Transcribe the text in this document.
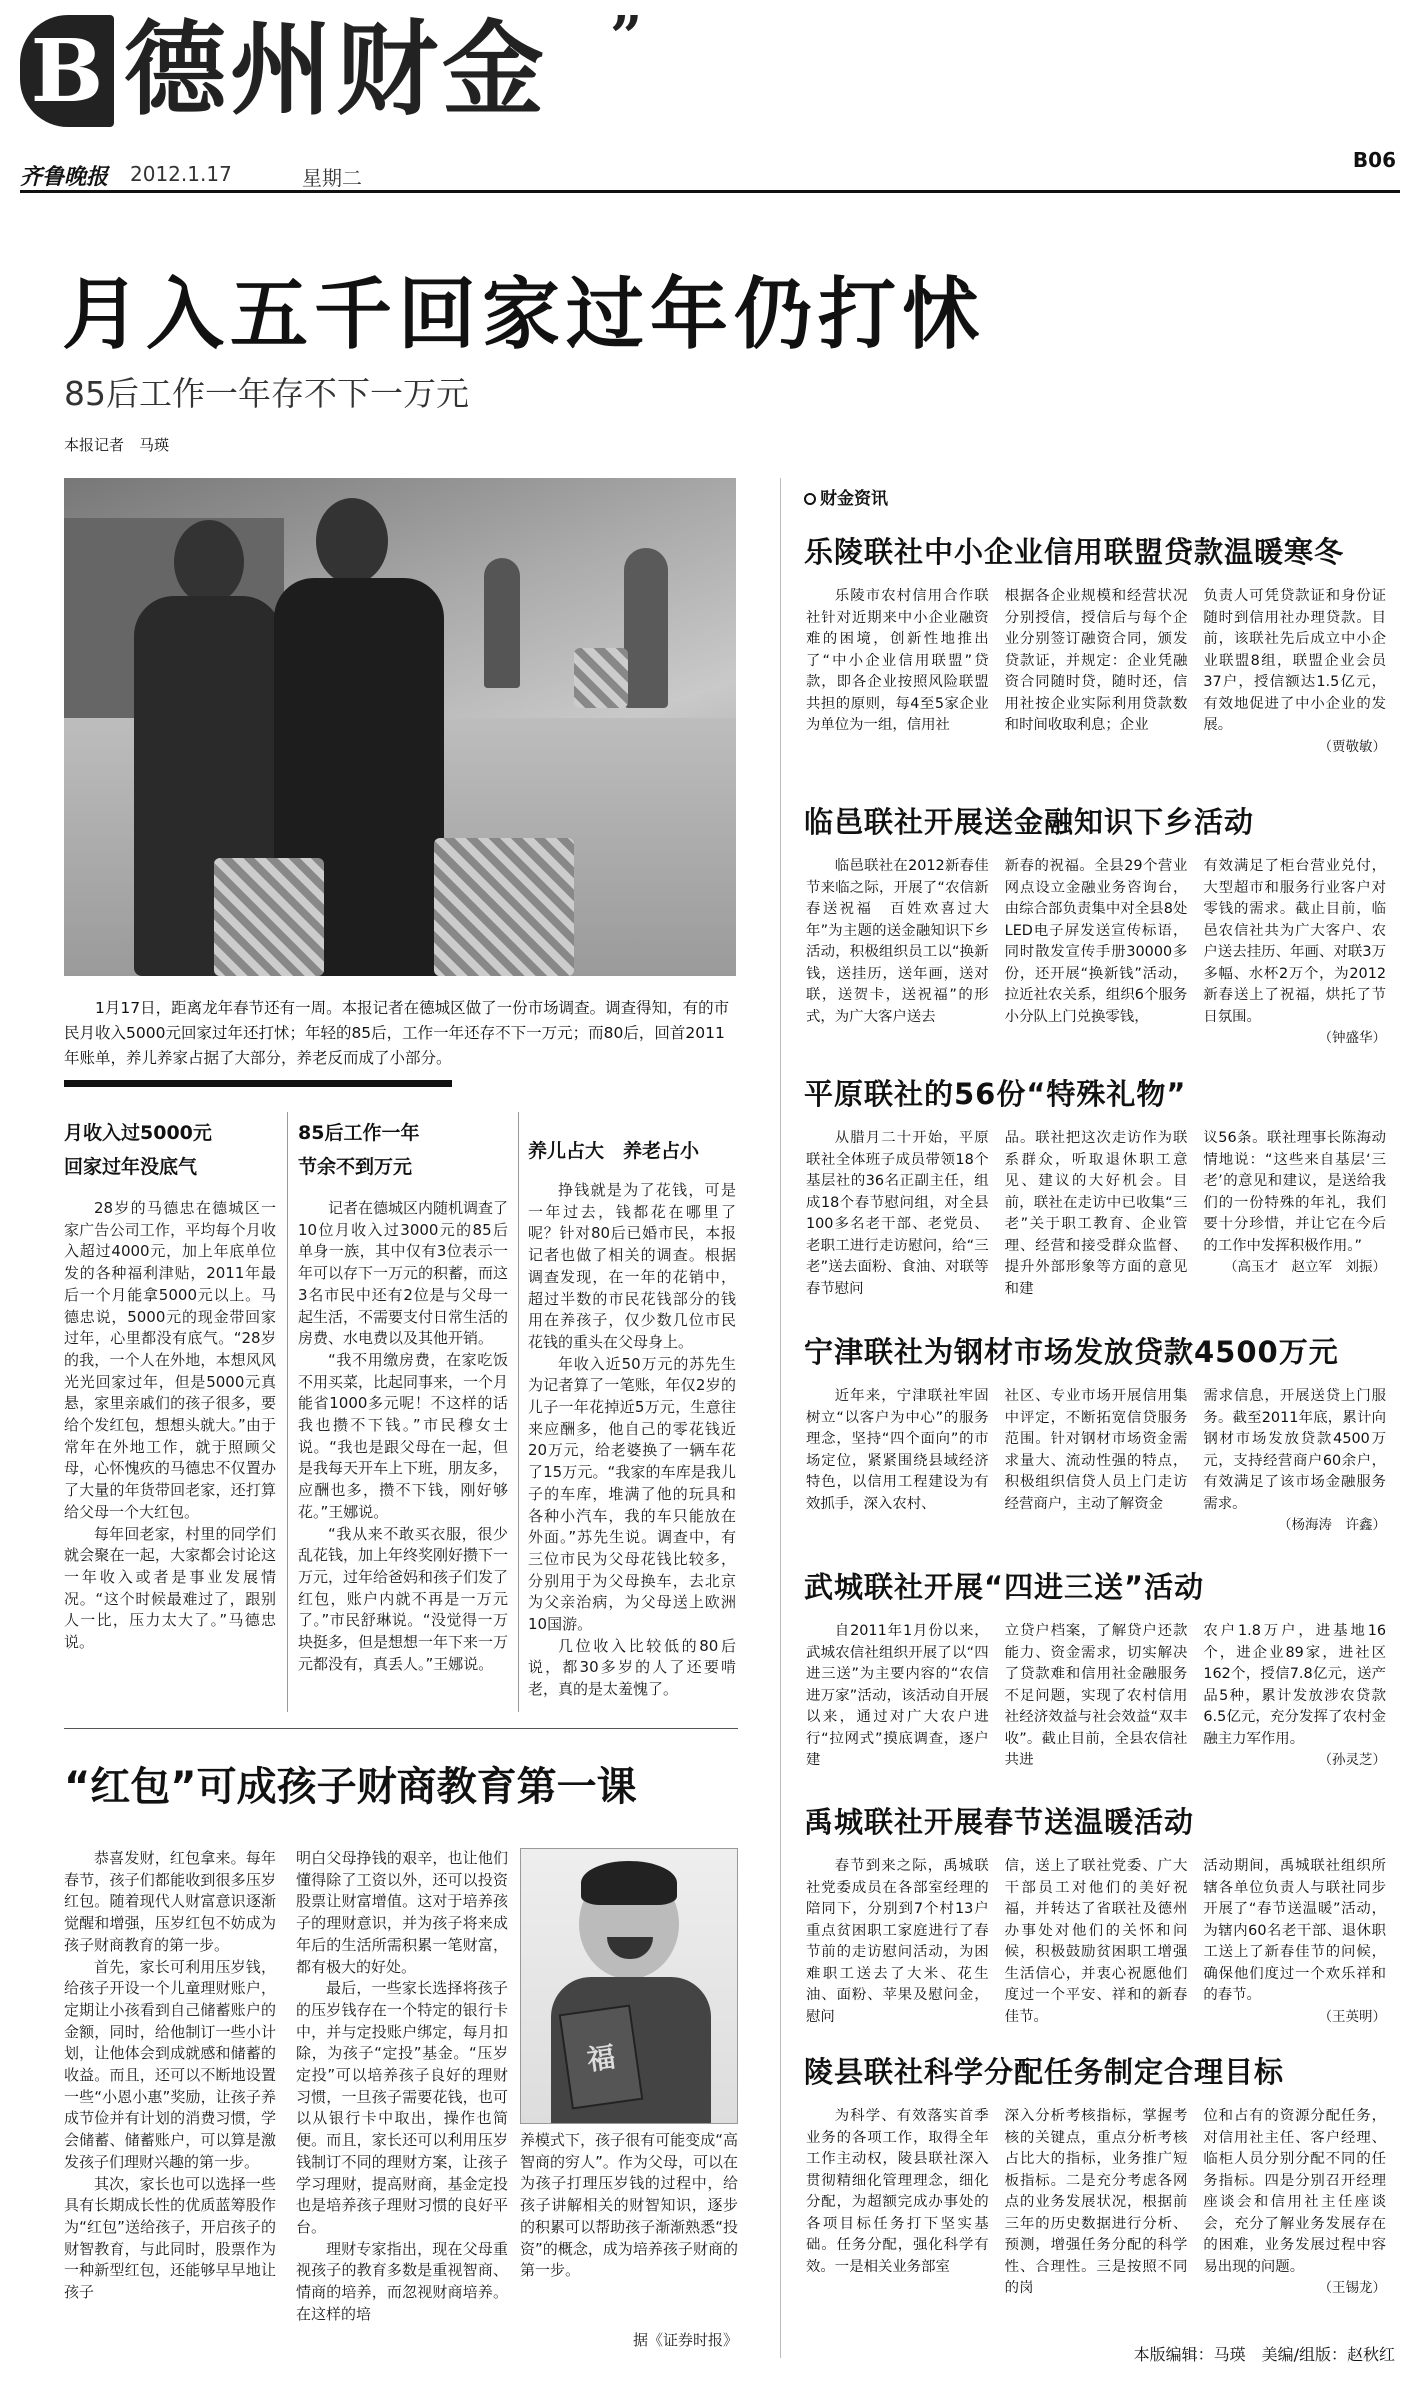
B 德州财金 ”
齐鲁晚报 2012.1.17	星期二
B06
月入五千回家过年仍打怵
85后工作一年存不下一万元
本报记者　马瑛

1月17日，距离龙年春节还有一周。本报记者在德城区做了一份市场调查。调查得知，有的市民月收入5000元回家过年还打怵；年轻的85后，工作一年还存不下一万元；而80后，回首2011年账单，养儿养家占据了大部分，养老反而成了小部分。

月收入过5000元
回家过年没底气

28岁的马德忠在德城区一家广告公司工作，平均每个月收入超过4000元，加上年底单位发的各种福利津贴，2011年最后一个月能拿5000元以上。马德忠说，5000元的现金带回家过年，心里都没有底气。“28岁的我，一个人在外地，本想风风光光回家过年，但是5000元真悬，家里亲戚们的孩子很多，要给个发红包，想想头就大。”由于常年在外地工作，就于照顾父母，心怀愧疚的马德忠不仅置办了大量的年货带回老家，还打算给父母一个大红包。

每年回老家，村里的同学们就会聚在一起，大家都会讨论这一年收入或者是事业发展情况。“这个时候最难过了，跟别人一比，压力太大了。”马德忠说。

85后工作一年
节余不到万元

记者在德城区内随机调查了10位月收入过3000元的85后单身一族，其中仅有3位表示一年可以存下一万元的积蓄，而这3名市民中还有2位是与父母一起生活，不需要支付日常生活的房费、水电费以及其他开销。

“我不用缴房费，在家吃饭不用买菜，比起同事来，一个月能省1000多元呢！不这样的话我也攒不下钱。”市民穆女士说。“我也是跟父母在一起，但是我每天开车上下班，朋友多，应酬也多，攒不下钱，刚好够花。”王娜说。

“我从来不敢买衣服，很少乱花钱，加上年终奖刚好攒下一万元，过年给爸妈和孩子们发了红包，账户内就不再是一万元了。”市民舒琳说。“没觉得一万块挺多，但是想想一年下来一万元都没有，真丢人。”王娜说。

养儿占大　养老占小

挣钱就是为了花钱，可是一年过去，钱都花在哪里了呢？针对80后已婚市民，本报记者也做了相关的调查。根据调查发现，在一年的花销中，超过半数的市民花钱部分的钱用在养孩子，仅少数几位市民花钱的重头在父母身上。

年收入近50万元的苏先生为记者算了一笔账，年仅2岁的儿子一年花掉近5万元，生意往来应酬多，他自己的零花钱近20万元，给老婆换了一辆车花了15万元。“我家的车库是我儿子的车库，堆满了他的玩具和各种小汽车，我的车只能放在外面。”苏先生说。调查中，有三位市民为父母花钱比较多，分别用于为父母换车，去北京为父亲治病，为父母送上欧洲10国游。

几位收入比较低的80后说，都30多岁的人了还要啃老，真的是太羞愧了。

“红包”可成孩子财商教育第一课

恭喜发财，红包拿来。每年春节，孩子们都能收到很多压岁红包。随着现代人财富意识逐渐觉醒和增强，压岁红包不妨成为孩子财商教育的第一步。

首先，家长可利用压岁钱，给孩子开设一个儿童理财账户，定期让小孩看到自己储蓄账户的金额，同时，给他制订一些小计划，让他体会到成就感和储蓄的收益。而且，还可以不断地设置一些“小恩小惠”奖励，让孩子养成节俭并有计划的消费习惯，学会储蓄、储蓄账户，可以算是激发孩子们理财兴趣的第一步。

其次，家长也可以选择一些具有长期成长性的优质蓝筹股作为“红包”送给孩子，开启孩子的财智教育，与此同时，股票作为一种新型红包，还能够早早地让孩子

明白父母挣钱的艰辛，也让他们懂得除了工资以外，还可以投资股票让财富增值。这对于培养孩子的理财意识，并为孩子将来成年后的生活所需积累一笔财富，都有极大的好处。

最后，一些家长选择将孩子的压岁钱存在一个特定的银行卡中，并与定投账户绑定，每月扣除，为孩子“定投”基金。“压岁定投”可以培养孩子良好的理财习惯，一旦孩子需要花钱，也可以从银行卡中取出，操作也简便。而且，家长还可以利用压岁钱制订不同的理财方案，让孩子学习理财，提高财商，基金定投也是培养孩子理财习惯的良好平台。

理财专家指出，现在父母重视孩子的教育多数是重视智商、情商的培养，而忽视财商培养。在这样的培

福

养模式下，孩子很有可能变成“高智商的穷人”。作为父母，可以在为孩子打理压岁钱的过程中，给孩子讲解相关的财智知识，逐步的积累可以帮助孩子渐渐熟悉“投资”的概念，成为培养孩子财商的第一步。

据《证券时报》
财金资讯
乐陵联社中小企业信用联盟贷款温暖寒冬

乐陵市农村信用合作联社针对近期来中小企业融资难的困境，创新性地推出了“中小企业信用联盟”贷款，即各企业按照风险联盟共担的原则，每4至5家企业为单位为一组，信用社

根据各企业规模和经营状况分别授信，授信后与每个企业分别签订融资合同，颁发贷款证，并规定：企业凭融资合同随时贷，随时还，信用社按企业实际利用贷款数和时间收取利息；企业

负责人可凭贷款证和身份证随时到信用社办理贷款。目前，该联社先后成立中小企业联盟8组，联盟企业会员37户，授信额达1.5亿元，有效地促进了中小企业的发展。

（贾敬敏）
临邑联社开展送金融知识下乡活动

临邑联社在2012新春佳节来临之际，开展了“农信新春送祝福　百姓欢喜过大年”为主题的送金融知识下乡活动，积极组织员工以“换新钱，送挂历，送年画，送对联，送贺卡，送祝福”的形式，为广大客户送去

新春的祝福。全县29个营业网点设立金融业务咨询台，由综合部负责集中对全县8处LED电子屏发送宣传标语，同时散发宣传手册30000多份，还开展“换新钱”活动，拉近社农关系，组织6个服务小分队上门兑换零钱，

有效满足了柜台营业兑付，大型超市和服务行业客户对零钱的需求。截止目前，临邑农信社共为广大客户、农户送去挂历、年画、对联3万多幅、水杯2万个，为2012新春送上了祝福，烘托了节日氛围。

（钟盛华）
平原联社的56份“特殊礼物”

从腊月二十开始，平原联社全体班子成员带领18个基层社的36名正副主任，组成18个春节慰问组，对全县100多名老干部、老党员、老职工进行走访慰问，给“三老”送去面粉、食油、对联等春节慰问

品。联社把这次走访作为联系群众，听取退休职工意见、建议的大好机会。目前，联社在走访中已收集“三老”关于职工教育、企业管理、经营和接受群众监督、提升外部形象等方面的意见和建

议56条。联社理事长陈海动情地说：“这些来自基层‘三老’的意见和建议，是送给我们的一份特殊的年礼，我们要十分珍惜，并让它在今后的工作中发挥积极作用。”

（高玉才　赵立军　刘振）
宁津联社为钢材市场发放贷款4500万元

近年来，宁津联社牢固树立“以客户为中心”的服务理念，坚持“四个面向”的市场定位，紧紧围绕县域经济特色，以信用工程建设为有效抓手，深入农村、

社区、专业市场开展信用集中评定，不断拓宽信贷服务范围。针对钢材市场资金需求量大、流动性强的特点，积极组织信贷人员上门走访经营商户，主动了解资金

需求信息，开展送贷上门服务。截至2011年底，累计向钢材市场发放贷款4500万元，支持经营商户60余户，有效满足了该市场金融服务需求。

（杨海涛　许鑫）
武城联社开展“四进三送”活动

自2011年1月份以来，武城农信社组织开展了以“四进三送”为主要内容的“农信进万家”活动，该活动自开展以来，通过对广大农户进行“拉网式”摸底调查，逐户建

立贷户档案，了解贷户还款能力、资金需求，切实解决了贷款难和信用社金融服务不足问题，实现了农村信用社经济效益与社会效益“双丰收”。截止目前，全县农信社共进

农户1.8万户，进基地16个，进企业89家，进社区162个，授信7.8亿元，送产品5种，累计发放涉农贷款6.5亿元，充分发挥了农村金融主力军作用。

（孙灵芝）
禹城联社开展春节送温暖活动

春节到来之际，禹城联社党委成员在各部室经理的陪同下，分别到7个村13户重点贫困职工家庭进行了春节前的走访慰问活动，为困难职工送去了大米、花生油、面粉、苹果及慰问金，慰问

信，送上了联社党委、广大干部员工对他们的美好祝福，并转达了省联社及德州办事处对他们的关怀和问候，积极鼓励贫困职工增强生活信心，并衷心祝愿他们度过一个平安、祥和的新春佳节。

活动期间，禹城联社组织所辖各单位负责人与联社同步开展了“春节送温暖”活动，为辖内60名老干部、退休职工送上了新春佳节的问候，确保他们度过一个欢乐祥和的春节。

（王英明）
陵县联社科学分配任务制定合理目标

为科学、有效落实首季业务的各项工作，取得全年工作主动权，陵县联社深入贯彻精细化管理理念，细化分配，为超额完成办事处的各项目标任务打下坚实基础。任务分配，强化科学有效。一是相关业务部室

深入分析考核指标，掌握考核的关键点，重点分析考核占比大的指标，业务推广短板指标。二是充分考虑各网点的业务发展状况，根据前三年的历史数据进行分析、预测，增强任务分配的科学性、合理性。三是按照不同的岗

位和占有的资源分配任务，对信用社主任、客户经理、临柜人员分别分配不同的任务指标。四是分别召开经理座谈会和信用社主任座谈会，充分了解业务发展存在的困难，业务发展过程中容易出现的问题。

（王锡龙）
本版编辑：马瑛　美编/组版：赵秋红
